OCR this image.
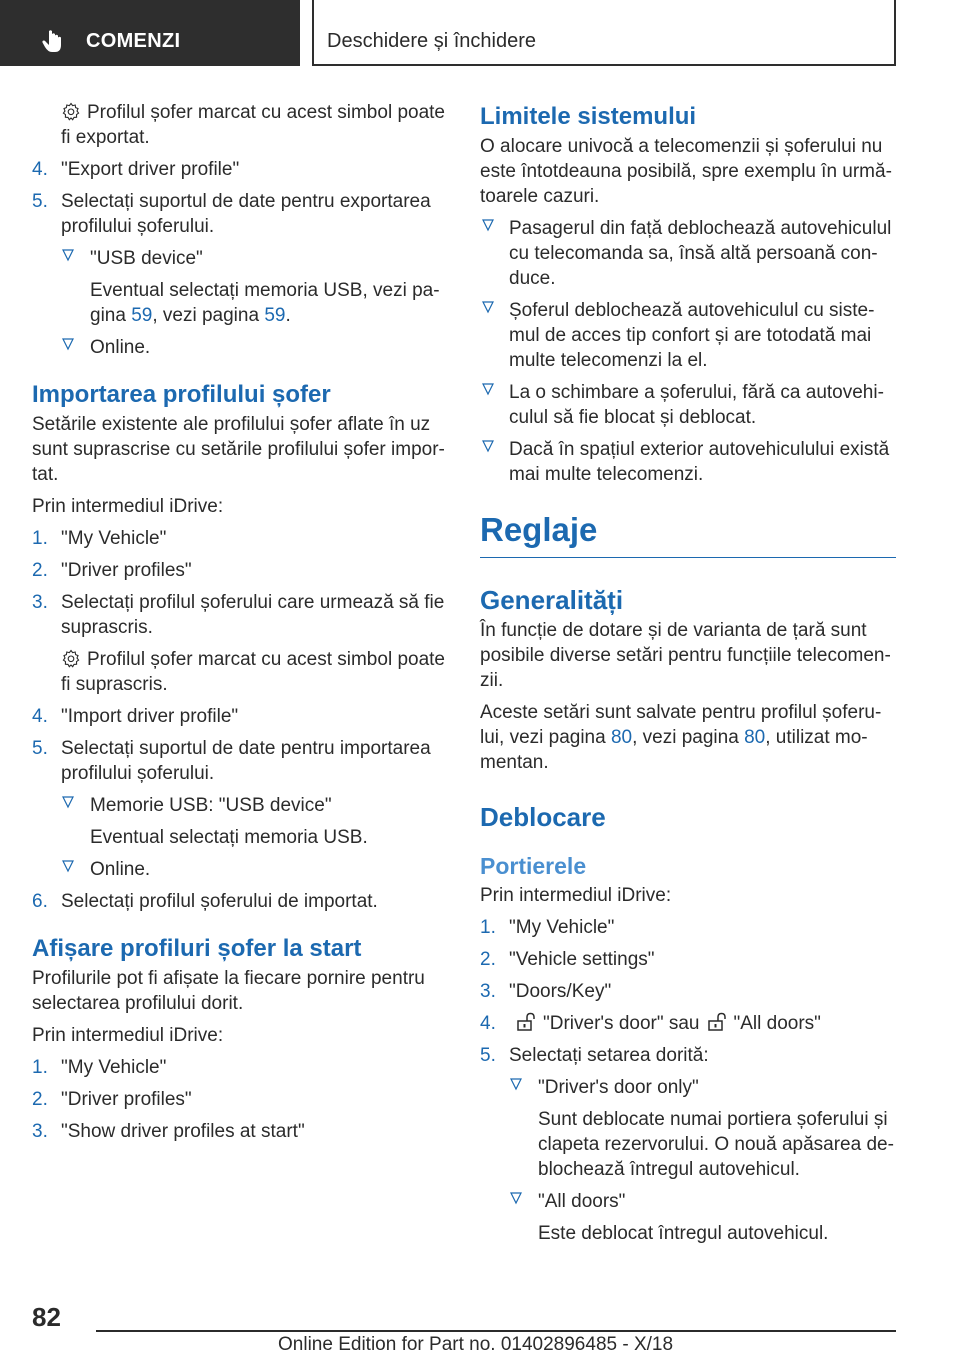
COMENZI	Deschidere și închidere

Profilul șofer marcat cu acest simbol poate fi exportat.

4. "Export driver profile"
5. Selectați suportul de date pentru exportarea profilului șoferului.
"USB device"

Eventual selectați memoria USB, vezi pa-gina 59, vezi pagina 59.

Online.
Importarea profilului șofer

Setările existente ale profilului șofer aflate în uz sunt suprascrise cu setările profilului șofer impor-tat.

Prin intermediul iDrive:

1. "My Vehicle"
2. "Driver profiles"
3. Selectați profilul șoferului care urmează să fie suprascris.

Profilul șofer marcat cu acest simbol poate fi suprascris.

4. "Import driver profile"
5. Selectați suportul de date pentru importarea profilului șoferului.
Memorie USB: "USB device"

Eventual selectați memoria USB.

Online.
6. Selectați profilul șoferului de importat.
Afișare profiluri șofer la start

Profilurile pot fi afișate la fiecare pornire pentru selectarea profilului dorit.

Prin intermediul iDrive:

1. "My Vehicle"
2. "Driver profiles"
3. "Show driver profiles at start"
Limitele sistemului

O alocare univocă a telecomenzii și șoferului nu este întotdeauna posibilă, spre exemplu în urmă-toarele cazuri.

Pasagerul din față deblochează autovehiculul cu telecomanda sa, însă altă persoană con-duce.
Șoferul deblochează autovehiculul cu siste-mul de acces tip confort și are totodată mai multe telecomenzi la el.
La o schimbare a șoferului, fără ca autovehi-culul să fie blocat și deblocat.
Dacă în spațiul exterior autovehiculului există mai multe telecomenzi.
Reglaje
Generalități

În funcție de dotare și de varianta de țară sunt posibile diverse setări pentru funcțiile telecomen-zii.

Aceste setări sunt salvate pentru profilul șoferu-lui, vezi pagina 80, vezi pagina 80, utilizat mo-mentan.

Deblocare
Portierele

Prin intermediul iDrive:

1. "My Vehicle"
2. "Vehicle settings"
3. "Doors/Key"
4. "Driver's door" sau "All doors"
5. Selectați setarea dorită:
"Driver's door only"

Sunt deblocate numai portiera șoferului și clapeta rezervorului. O nouă apăsarea de-blochează întregul autovehicul.

"All doors"

Este deblocat întregul autovehicul.

82
Online Edition for Part no. 01402896485 - X/18
